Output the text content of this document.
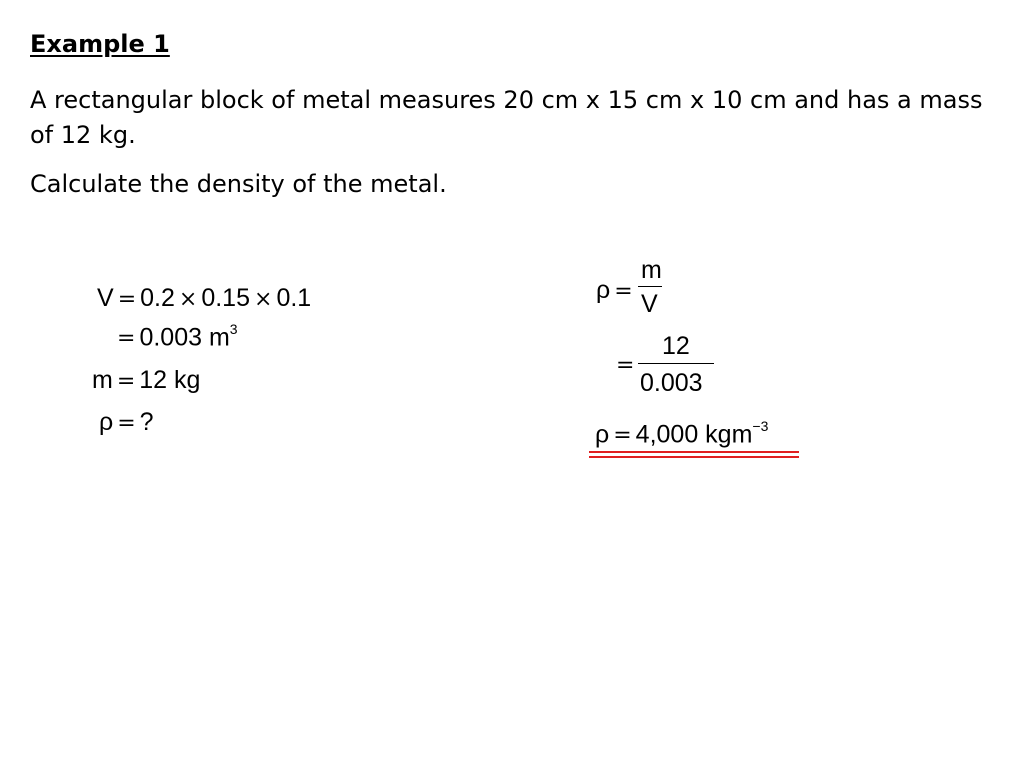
Example 1
A rectangular block of metal measures 20 cm x 15 cm x 10 cm and has a mass of 12 kg.
Calculate the density of the metal.
V = 0.2 × 0.15 × 0.1
= 0.003 $m^3$
m = 12 kg
ρ = ?
ρ =
m
V
=
12
0.003
ρ = 4,000 kgm$^{-3}$
